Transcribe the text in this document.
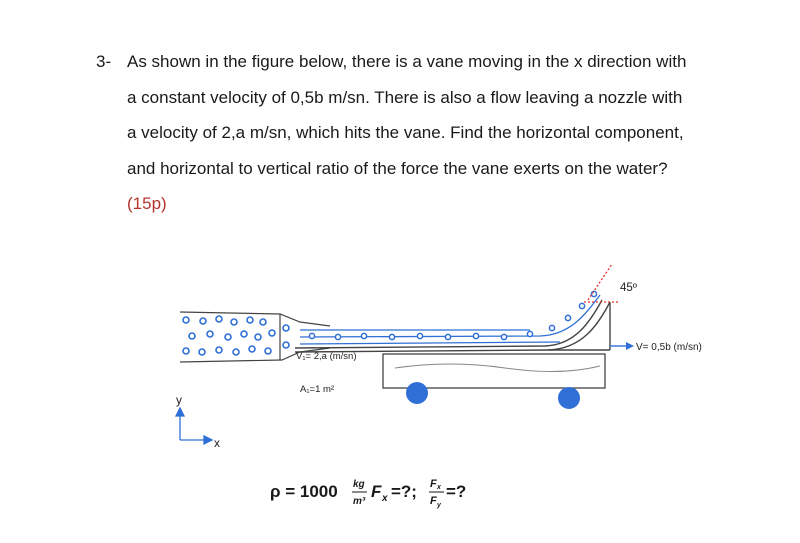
3- As shown in the figure below, there is a vane moving in the x direction with
a constant velocity of 0,5b m/sn. There is also a flow leaving a nozzle with
a velocity of 2,a m/sn, which hits the vane. Find the horizontal component,
and horizontal to vertical ratio of the force the vane exerts on the water?
(15p)
45º
V= 0,5b (m/sn)
V₁= 2,a (m/sn)
A₁=1 m²
y
x
ρ = 1000 kg
m³
F x =?; F x
F y
=?
